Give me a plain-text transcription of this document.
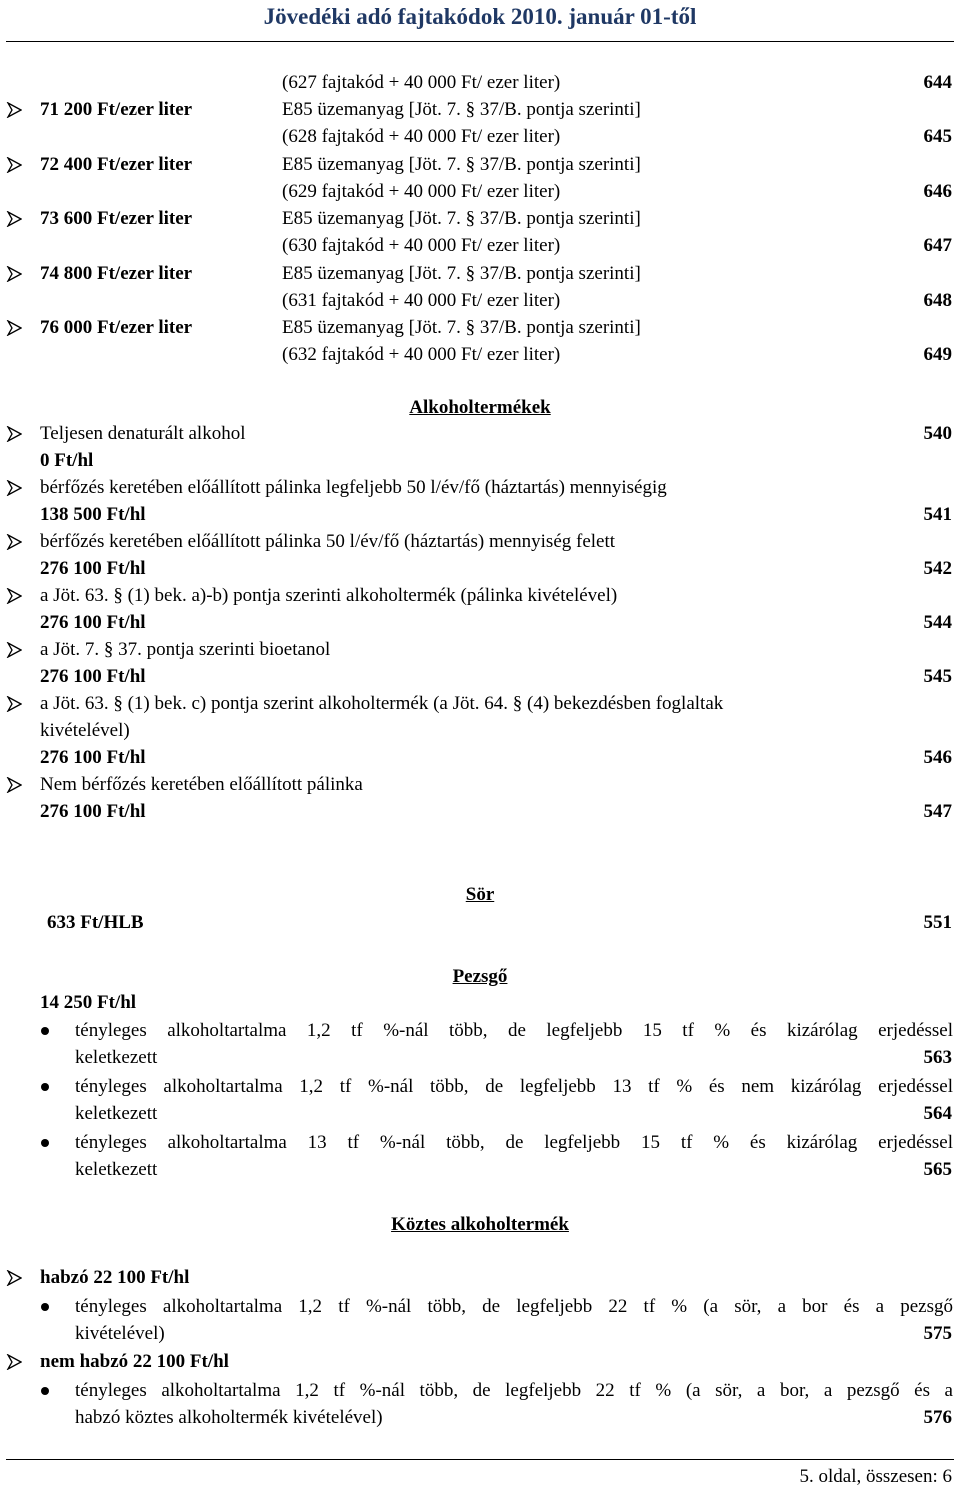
Jövedéki adó fajtakódok 2010. január 01-től
(627 fajtakód + 40 000 Ft/ ezer liter)	644
71 200 Ft/ezer liter	E85 üzemanyag [Jöt. 7. § 37/B. pontja szerinti]
(628 fajtakód + 40 000 Ft/ ezer liter)	645
72 400 Ft/ezer liter	E85 üzemanyag [Jöt. 7. § 37/B. pontja szerinti]
(629 fajtakód + 40 000 Ft/ ezer liter)	646
73 600 Ft/ezer liter	E85 üzemanyag [Jöt. 7. § 37/B. pontja szerinti]
(630 fajtakód + 40 000 Ft/ ezer liter)	647
74 800 Ft/ezer liter	E85 üzemanyag [Jöt. 7. § 37/B. pontja szerinti]
(631 fajtakód + 40 000 Ft/ ezer liter)	648
76 000 Ft/ezer liter	E85 üzemanyag [Jöt. 7. § 37/B. pontja szerinti]
(632 fajtakód + 40 000 Ft/ ezer liter)	649
Alkoholtermékek
Teljesen denaturált alkohol	540
0 Ft/hl
bérfőzés keretében előállított pálinka legfeljebb 50 l/év/fő (háztartás) mennyiségig
138 500 Ft/hl	541
bérfőzés keretében előállított pálinka 50 l/év/fő (háztartás) mennyiség felett
276 100 Ft/hl	542
a Jöt. 63. § (1) bek. a)-b) pontja szerinti alkoholtermék (pálinka kivételével)
276 100 Ft/hl	544
a Jöt. 7. § 37. pontja szerinti bioetanol
276 100 Ft/hl	545
a Jöt. 63. § (1) bek. c) pontja szerint alkoholtermék (a Jöt. 64. § (4) bekezdésben foglaltak
kivételével)
276 100 Ft/hl	546
Nem bérfőzés keretében előállított pálinka
276 100 Ft/hl	547
Sör
633 Ft/HLB	551
Pezsgő
14 250 Ft/hl
tényleges alkoholtartalma 1,2 tf %-nál több, de legfeljebb 15 tf % és kizárólag erjedéssel
keletkezett	563
tényleges alkoholtartalma 1,2 tf %-nál több, de legfeljebb 13 tf % és nem kizárólag erjedéssel
keletkezett	564
tényleges alkoholtartalma 13 tf %-nál több, de legfeljebb 15 tf % és kizárólag erjedéssel
keletkezett	565
Köztes alkoholtermék
habzó 22 100 Ft/hl
tényleges alkoholtartalma 1,2 tf %-nál több, de legfeljebb 22 tf % (a sör, a bor és a pezsgő
kivételével)	575
nem habzó 22 100 Ft/hl
tényleges alkoholtartalma 1,2 tf %-nál több, de legfeljebb 22 tf % (a sör, a bor, a pezsgő és a
habzó köztes alkoholtermék kivételével)	576
5. oldal, összesen: 6
